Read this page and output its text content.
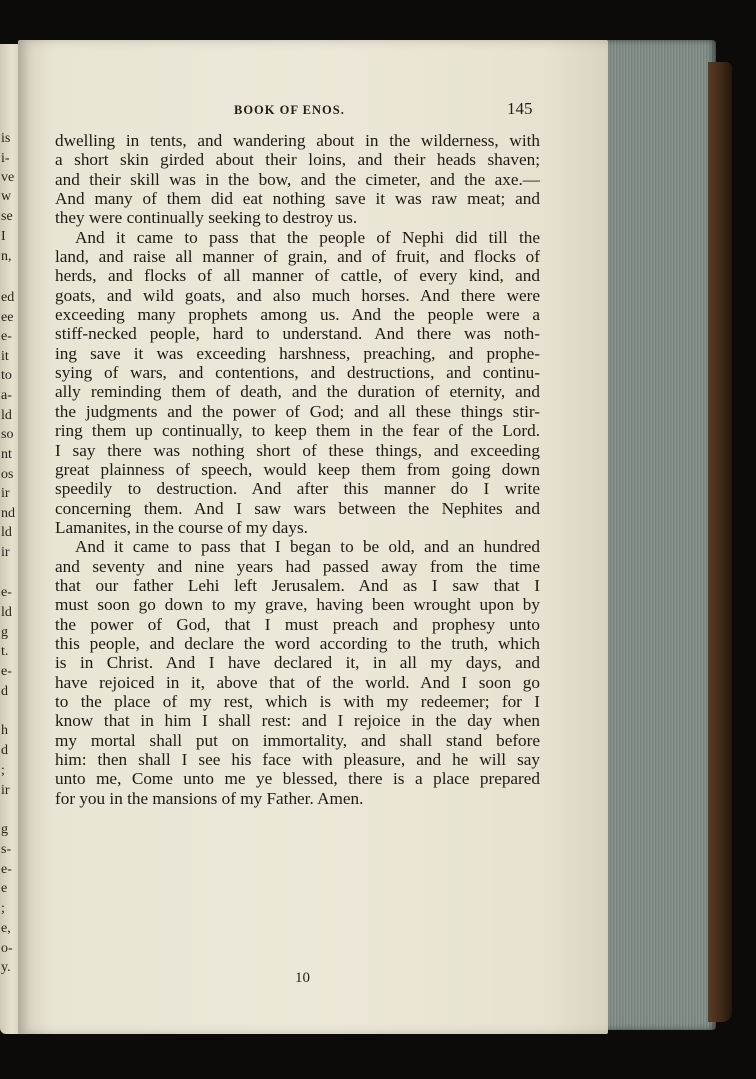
is
i-
ve
w
se
I
n,
ed
ee
e-
it
to
a-
ld
so
nt
os
ir
nd
ld
ir
e-
ld
g
t.
e-
d
h
d
;
ir
g
s-
e-
e
;
e,
o-
y.
BOOK OF ENOS.	145
dwelling in tents, and wandering about in the wilderness, with
a short skin girded about their loins, and their heads shaven;
and their skill was in the bow, and the cimeter, and the axe.—
And many of them did eat nothing save it was raw meat; and
they were continually seeking to destroy us.
And it came to pass that the people of Nephi did till the
land, and raise all manner of grain, and of fruit, and flocks of
herds, and flocks of all manner of cattle, of every kind, and
goats, and wild goats, and also much horses. And there were
exceeding many prophets among us. And the people were a
stiff-necked people, hard to understand. And there was noth-
ing save it was exceeding harshness, preaching, and prophe-
sying of wars, and contentions, and destructions, and continu-
ally reminding them of death, and the duration of eternity, and
the judgments and the power of God; and all these things stir-
ring them up continually, to keep them in the fear of the Lord.
I say there was nothing short of these things, and exceeding
great plainness of speech, would keep them from going down
speedily to destruction. And after this manner do I write
concerning them. And I saw wars between the Nephites and
Lamanites, in the course of my days.
And it came to pass that I began to be old, and an hundred
and seventy and nine years had passed away from the time
that our father Lehi left Jerusalem. And as I saw that I
must soon go down to my grave, having been wrought upon by
the power of God, that I must preach and prophesy unto
this people, and declare the word according to the truth, which
is in Christ. And I have declared it, in all my days, and
have rejoiced in it, above that of the world. And I soon go
to the place of my rest, which is with my redeemer; for I
know that in him I shall rest: and I rejoice in the day when
my mortal shall put on immortality, and shall stand before
him: then shall I see his face with pleasure, and he will say
unto me, Come unto me ye blessed, there is a place prepared
for you in the mansions of my Father. Amen.
10
